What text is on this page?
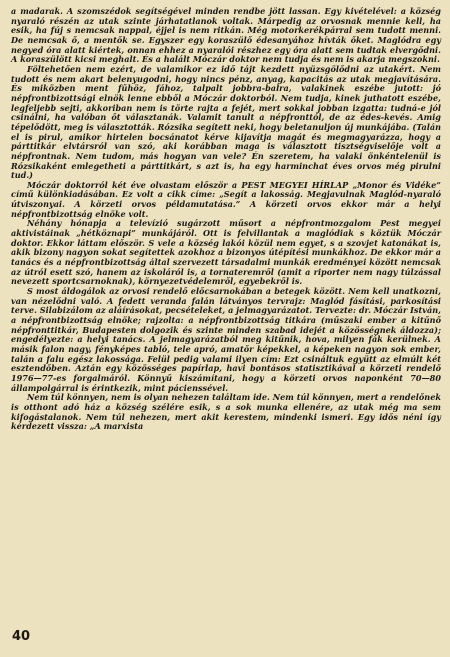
a madarak. A szomszédok segítségével minden rendbe jött lassan. Egy kivételével: a község nyaraló részén az utak szinte járhatatlanok voltak. Márpedig az orvosnak mennie kell, ha esik, ha fúj s nemcsak nappal, éjjel is nem ritkán. Még motorkerékpárral sem tudott menni. De nemcsak ő, a mentők se. Egyszer egy koraszülő édesanyához hívták őket. Maglódra egy negyed óra alatt kiértek, onnan ehhez a nyaralói részhez egy óra alatt sem tudtak elvergődni. A koraszülött kicsi meghalt. És a halált Móczár doktor nem tudja és nem is akarja megszokni.

Föltehetően nem ezért, de valamikor ez idő tájt kezdett nyüzsgölődni az utakért. Nem tudott és nem akart belenyugodni, hogy nincs pénz, anyag, kapacitás az utak megjavítására. És miközben ment fűhöz, fához, talpalt jobbra-balra, valakinek eszébe jutott: jó népfrontbizottsági elnök lenne ebből a Móczár doktorból. Nem tudja, kinek juthatott eszébe, legfeljebb sejti, akkoriban nem is törte rajta a fejét, mert sokkal jobban izgatta: tudná-e jól csinálni, ha valóban őt választanák. Valamit tanult a népfronttól, de az édes-kevés. Amig tépelődött, meg is választották. Rózsika segített neki, hogy beletanuljon új munkájába. (Talán el is pirul, amikor hirtelen bocsánatot kérve kijavítja magát és megmagyarázza, hogy a párttitkár elvtársról van szó, aki korábban maga is választott tisztségviselője volt a népfrontnak. Nem tudom, más hogyan van vele? Én szeretem, ha valaki önkéntelenül is Rózsikaként emlegetheti a párttitkárt, s azt is, ha egy harminchat éves orvos még pirulni tud.)

Móczár doktorról két éve olvastam először a PEST MEGYEI HÍRLAP „Monor és Vidéke” című különkiadásában. Ez volt a cikk címe: „Segít a lakosság. Megjavulnak Maglód-nyaraló útviszonyai. A körzeti orvos példamutatása.” A körzeti orvos ekkor már a helyi népfrontbizottság elnöke volt.

Néhány hónapja a televízió sugárzott műsort a népfrontmozgalom Pest megyei aktivistáinak „hétköznapi” munkájáról. Ott is felvillantak a maglódiak s köztük Móczár doktor. Ekkor láttam először. S vele a község lakói közül nem egyet, s a szovjet katonákat is, akik bizony nagyon sokat segítettek azokhoz a bizonyos útépítési munkákhoz. De ekkor már a tanács és a népfrontbizottság által szervezett társadalmi munkák eredményei között nemcsak az útról esett szó, hanem az iskoláról is, a tornateremről (amit a riporter nem nagy túlzással nevezett sportcsarnoknak), környezetvédelemről, egyebekről is.

S most áldogálok az orvosi rendelő előcsarnokában a betegek között. Nem kell unatkozni, van nézelődni való. A fedett veranda falán látványos tervrajz: Maglód fásítási, parkosítási terve. Silabizálom az aláírásokat, pecsételeket, a jelmagyarázatot. Tervezte: dr. Móczár István, a népfrontbizottság elnöke; rajzolta: a népfrontbizottság titkára (műszaki ember a kitűnő népfronttitkár, Budapesten dolgozik és szinte minden szabad idejét a közösségnek áldozza); engedélyezte: a helyi tanács. A jelmagyarázatból meg kitűnik, hova, milyen fák kerülnek. A másik falon nagy, fényképes tabló, tele apró, amatőr képekkel, a képeken nagyon sok ember, talán a falu egész lakossága. Felül pedig valami ilyen cím: Ezt csináltuk együtt az elmúlt két esztendőben. Aztán egy közösséges papírlap, havi bontásos statisztikával a körzeti rendelő 1976—77-es forgalmáról. Könnyű kiszámítani, hogy a körzeti orvos naponként 70—80 állampolgárral is érintkezik, mint pácienssével.

Nem túl könnyen, nem is olyan nehezen találtam ide. Nem túl könnyen, mert a rendelőnek is otthont adó ház a község szélére esik, s a sok munka ellenére, az utak még ma sem kifogástalanok. Nem túl nehezen, mert akit kerestem, mindenki ismeri. Egy idős néni így kérdezett vissza: „A marxista

40
